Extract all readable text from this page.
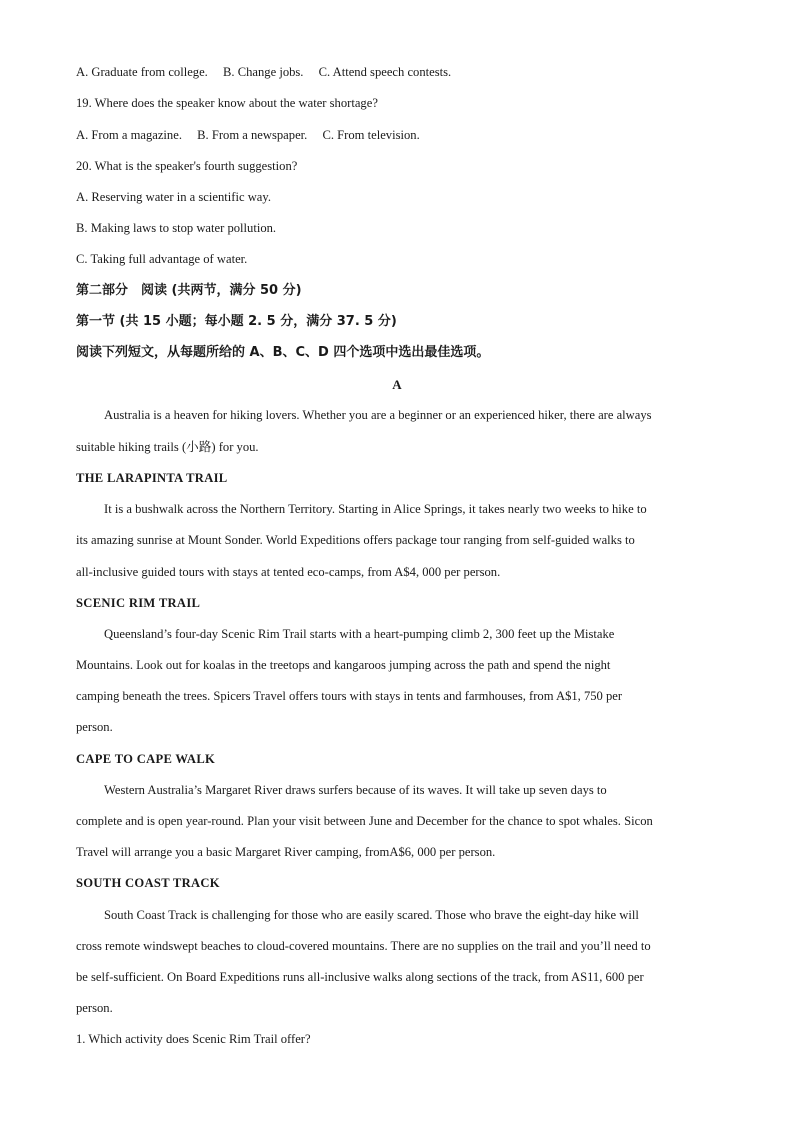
A. Graduate from college. B. Change jobs. C. Attend speech contests.
19. Where does the speaker know about the water shortage?
A. From a magazine. B. From a newspaper. C. From television.
20. What is the speaker's fourth suggestion?
A. Reserving water in a scientific way.
B. Making laws to stop water pollution.
C. Taking full advantage of water.
第二部分　阅读 (共两节，满分 50 分)
第一节 (共 15 小题；每小题 2. 5 分，满分 37. 5 分)
阅读下列短文，从每题所给的 A、B、C、D 四个选项中选出最佳选项。
A
Australia is a heaven for hiking lovers. Whether you are a beginner or an experienced hiker, there are always
suitable hiking trails (小路) for you.
THE LARAPINTA TRAIL
It is a bushwalk across the Northern Territory. Starting in Alice Springs, it takes nearly two weeks to hike to
its amazing sunrise at Mount Sonder. World Expeditions offers package tour ranging from self-guided walks to
all-inclusive guided tours with stays at tented eco-camps, from A$4, 000 per person.
SCENIC RIM TRAIL
Queensland’s four-day Scenic Rim Trail starts with a heart-pumping climb 2, 300 feet up the Mistake
Mountains. Look out for koalas in the treetops and kangaroos jumping across the path and spend the night
camping beneath the trees. Spicers Travel offers tours with stays in tents and farmhouses, from A$1, 750 per
person.
CAPE TO CAPE WALK
Western Australia’s Margaret River draws surfers because of its waves. It will take up seven days to
complete and is open year-round. Plan your visit between June and December for the chance to spot whales. Sicon
Travel will arrange you a basic Margaret River camping, fromA$6, 000 per person.
SOUTH COAST TRACK
South Coast Track is challenging for those who are easily scared. Those who brave the eight-day hike will
cross remote windswept beaches to cloud-covered mountains. There are no supplies on the trail and you’ll need to
be self-sufficient. On Board Expeditions runs all-inclusive walks along sections of the track, from AS11, 600 per
person.
1. Which activity does Scenic Rim Trail offer?
